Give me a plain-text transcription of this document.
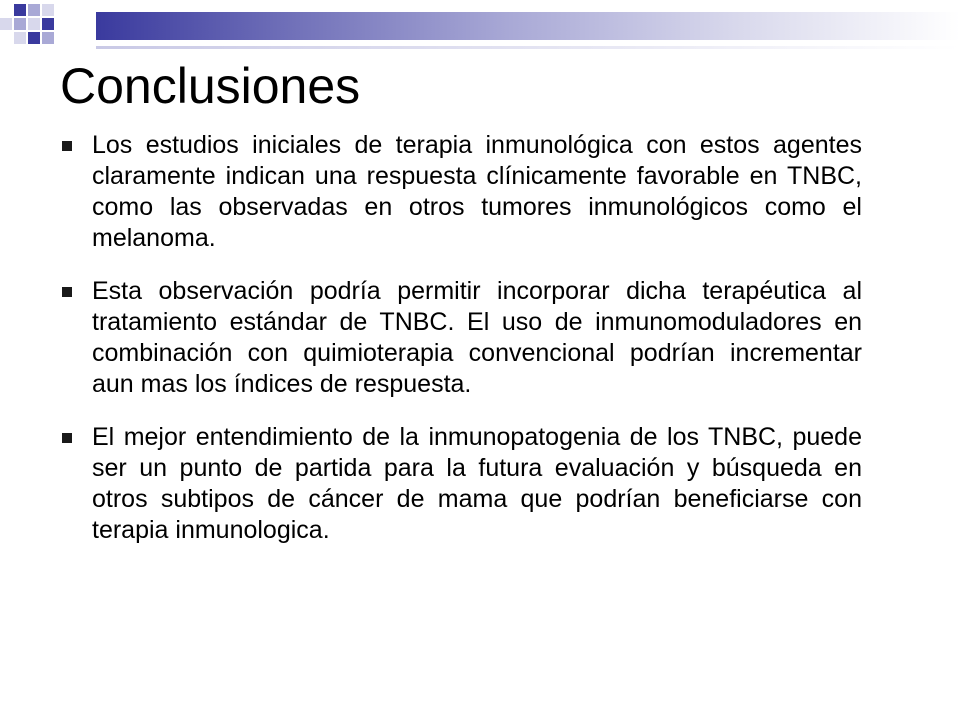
Conclusiones
Los estudios iniciales de terapia inmunológica con estos agentes claramente indican una respuesta clínicamente favorable en TNBC, como las observadas en otros tumores inmunológicos como el melanoma.
Esta observación podría permitir incorporar dicha terapéutica al tratamiento estándar de TNBC. El uso de inmunomoduladores en combinación con quimioterapia convencional podrían incrementar aun mas los índices de respuesta.
El mejor entendimiento de la inmunopatogenia de los TNBC, puede ser un punto de partida para la futura evaluación y búsqueda en otros subtipos de cáncer de mama que podrían beneficiarse con terapia inmunologica.
